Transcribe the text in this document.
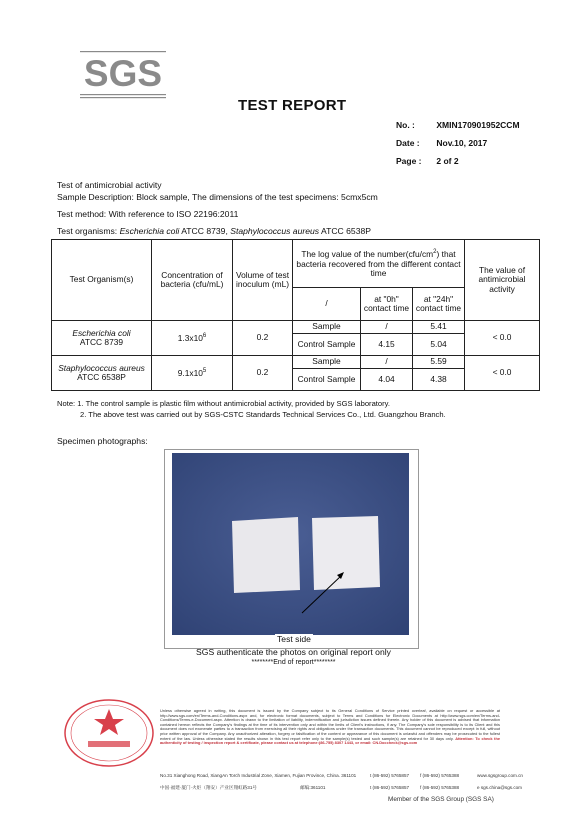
SGS
TEST REPORT
No. :	XMIN170901952CCM
Date : Nov.10, 2017
Page : 2 of 2
Test of antimicrobial activity
Sample Description: Block sample, The dimensions of the test specimens: 5cmx5cm
Test method: With reference to ISO 22196:2011
Test organisms: Escherichia coli ATCC 8739, Staphylococcus aureus ATCC 6538P
Test Organism(s)	Concentration of bacteria (cfu/mL)	Volume of test inoculum (mL)	The log value of the $number(cfu/cm^2)$ that bacteria recovered from the different contact time			The value of antimicrobial activity
			/	at "0h" contact time	at "24h" contact time	
Escherichia coli
ATCC 8739	$1.3x10^6$	0.2	Sample	/	5.41	< 0.0
			Control Sample	4.15	5.04	
Staphylococcus aureus
ATCC 6538P	$9.1x10^5$	0.2	Sample	/	5.59	< 0.0
			Control Sample	4.04	4.38	
Note: 1. The control sample is plastic film without antimicrobial activity, provided by SGS laboratory.
2. The above test was carried out by SGS-CSTC Standards Technical Services Co., Ltd. Guangzhou Branch.
Specimen photographs:
Test side
SGS authenticate the photos on original report only
********End of report********
Unless otherwise agreed in writing, this document is issued by the Company subject to its General Conditions of Service printed overleaf, available on request or accessible at http://www.sgs.com/en/Terms-and-Conditions.aspx and, for electronic format documents, subject to Terms and Conditions for Electronic Documents at http://www.sgs.com/en/Terms-and-Conditions/Terms-e-Document.aspx. Attention is drawn to the limitation of liability, indemnification and jurisdiction issues defined therein. Any holder of this document is advised that information contained hereon reflects the Company's findings at the time of its intervention only and within the limits of Client's instructions, if any. The Company's sole responsibility is to its Client and this document does not exonerate parties to a transaction from exercising all their rights and obligations under the transaction documents. This document cannot be reproduced except in full, without prior written approval of the Company. Any unauthorized alteration, forgery or falsification of the content or appearance of this document is unlawful and offenders may be prosecuted to the fullest extent of the law. Unless otherwise stated the results shown in this test report refer only to the sample(s) tested and such sample(s) are retained for 30 days only. Attention: To check the authenticity of testing / inspection report & certificate, please contact us at telephone:(86-755) 8307 1443, or email: CN.Doccheck@sgs.com
No.31 Xianghong Road, XiangAn Torch Industrial Zone, Xiamen, Fujian Province, China. 361101
中国·福建·厦门·火炬（翔安）产业区翔虹路31号	邮编:361101
t (86-592) 5765857
t (86-592) 5765857
f (86-592) 5765388
f (86-592) 5765388
www.sgsgroup.com.cn
e sgs.china@sgs.com
Member of the SGS Group (SGS SA)
